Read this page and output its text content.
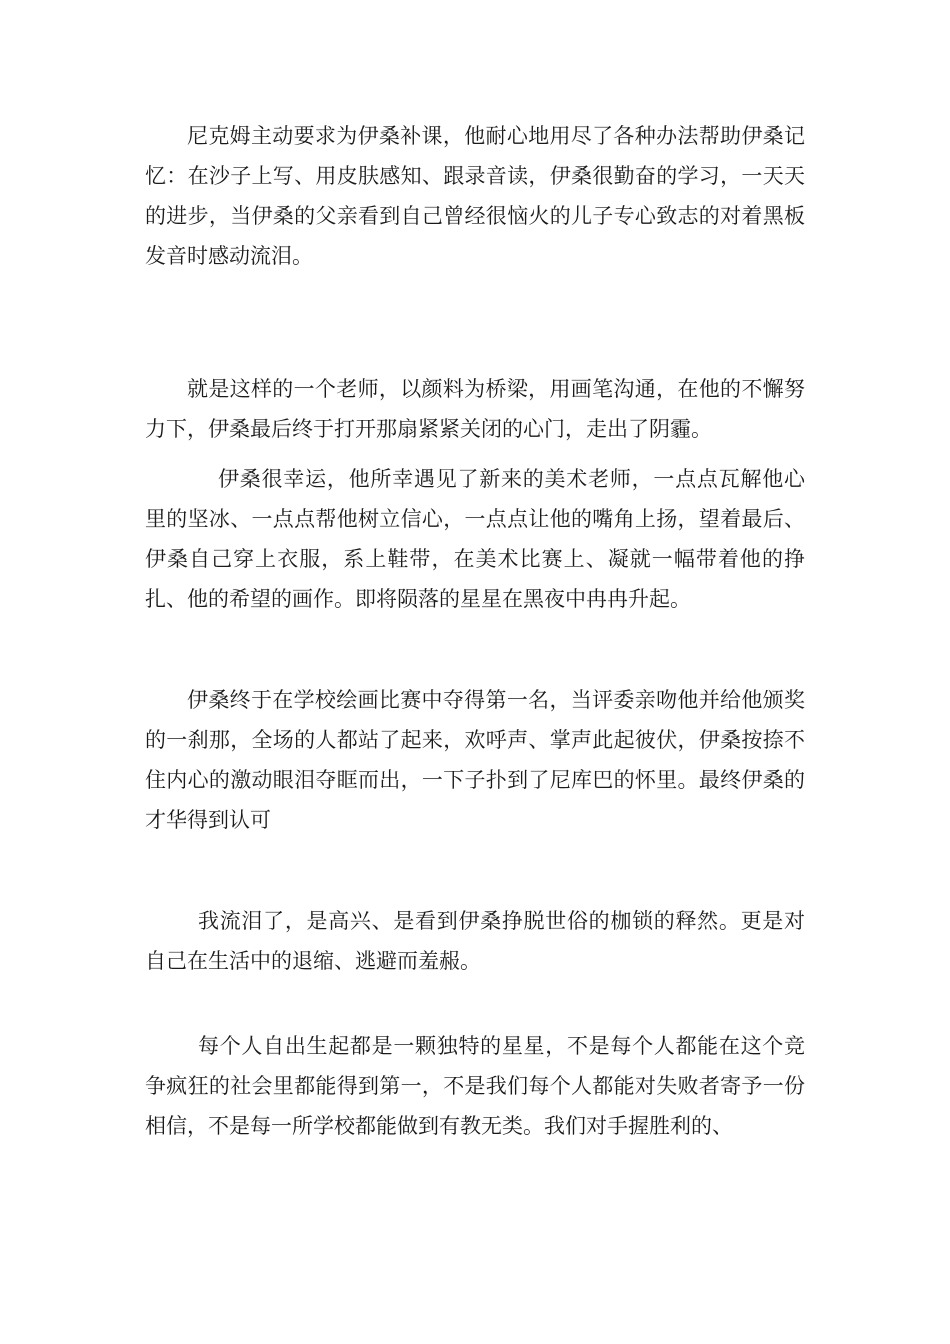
尼克姆主动要求为伊桑补课，他耐心地用尽了各种办法帮助伊桑记忆：在沙子上写、用皮肤感知、跟录音读，伊桑很勤奋的学习，一天天的进步，当伊桑的父亲看到自己曾经很恼火的儿子专心致志的对着黑板发音时感动流泪。

就是这样的一个老师，以颜料为桥梁，用画笔沟通，在他的不懈努力下，伊桑最后终于打开那扇紧紧关闭的心门，走出了阴霾。

伊桑很幸运，他所幸遇见了新来的美术老师，一点点瓦解他心里的坚冰、一点点帮他树立信心，一点点让他的嘴角上扬，望着最后、伊桑自己穿上衣服，系上鞋带，在美术比赛上、凝就一幅带着他的挣扎、他的希望的画作。即将陨落的星星在黑夜中冉冉升起。

伊桑终于在学校绘画比赛中夺得第一名，当评委亲吻他并给他颁奖的一刹那，全场的人都站了起来，欢呼声、掌声此起彼伏，伊桑按捺不住内心的激动眼泪夺眶而出，一下子扑到了尼库巴的怀里。最终伊桑的才华得到认可

我流泪了，是高兴、是看到伊桑挣脱世俗的枷锁的释然。更是对自己在生活中的退缩、逃避而羞赧。

每个人自出生起都是一颗独特的星星，不是每个人都能在这个竞争疯狂的社会里都能得到第一，不是我们每个人都能对失败者寄予一份相信，不是每一所学校都能做到有教无类。我们对手握胜利的、
